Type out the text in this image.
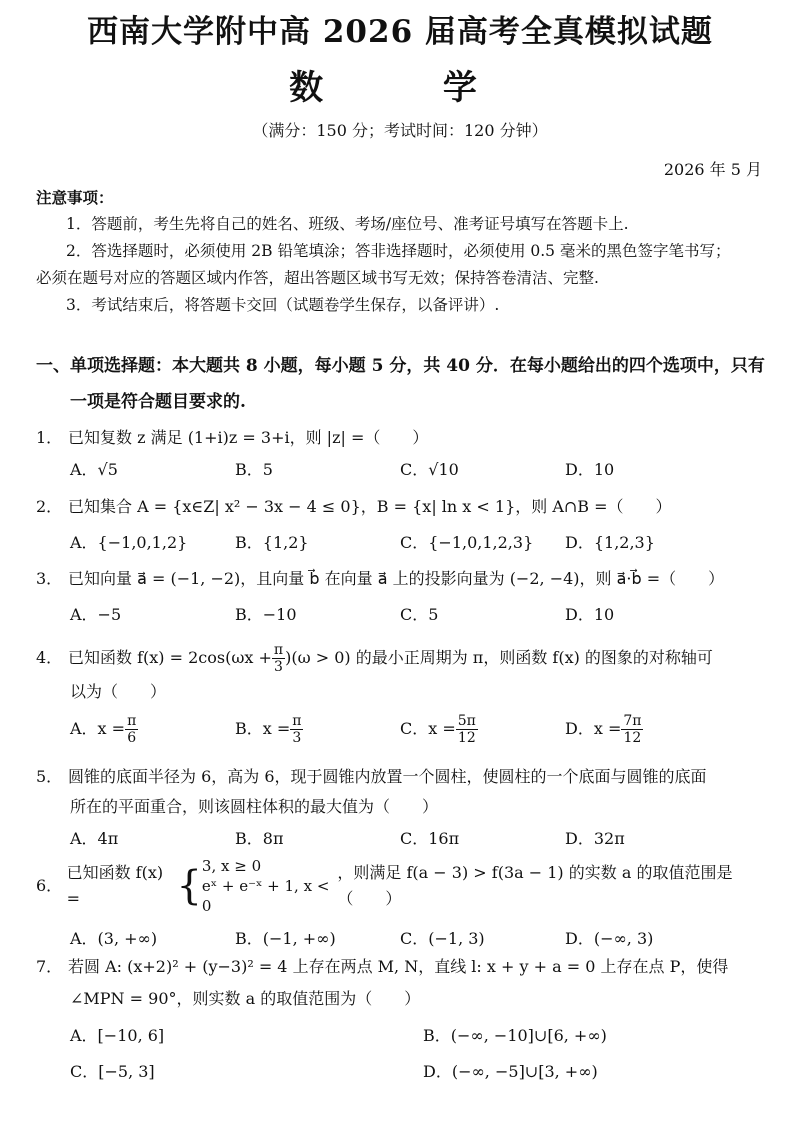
西南大学附中高 2026 届高考全真模拟试题
数 学
（满分：150 分；考试时间：120 分钟）
2026 年 5 月

注意事项：

1．答题前，考生先将自己的姓名、班级、考场/座位号、准考证号填写在答题卡上.

2．答选择题时，必须使用 2B 铅笔填涂；答非选择题时，必须使用 0.5 毫米的黑色签字笔书写；

必须在题号对应的答题区域内作答，超出答题区域书写无效；保持答卷清洁、完整.

3．考试结束后，将答题卡交回（试题卷学生保存，以备评讲）.

一、单项选择题：本大题共 8 小题，每小题 5 分，共 40 分．在每小题给出的四个选项中，只有
一项是符合题目要求的.
1． 已知复数 z 满足 (1+i)z = 3+i，则 |z| =（　　）
A．√5	B．5	C．√10	D．10
2． 已知集合 A = {x∈Z| x² − 3x − 4 ≤ 0}，B = {x| ln x < 1}，则 A∩B =（　　）
A．{−1,0,1,2}	B．{1,2}	C．{−1,0,1,2,3}	D．{1,2,3}
3． 已知向量 a⃗ = (−1, −2)，且向量 b⃗ 在向量 a⃗ 上的投影向量为 (−2, −4)，则 a⃗·b⃗ =（　　）
A．−5	B．−10	C．5	D．10
4． 已知函数 $f(x) = 2\cos(\omega x + \frac{\pi}{3} )(\omega > 0)$ 的最小正周期为 π，则函数 f(x) 的图象的对称轴可
以为（　　）
A．$x = \frac{\pi}{6}$	B．$x = \frac{\pi}{3}$	C．$x = \frac{5\pi}{12}$	D．$x = \frac{7\pi}{12}$
5． 圆锥的底面半径为 6，高为 6，现于圆锥内放置一个圆柱，使圆柱的一个底面与圆锥的底面
所在的平面重合，则该圆柱体积的最大值为（　　）
A．4π	B．8π	C．16π	D．32π
6．
已知函数 f(x) =	{ 3, x ≥ 0
eˣ + e⁻ˣ + 1, x < 0
，则满足 f(a − 3) > f(3a − 1) 的实数 a 的取值范围是（　　）
A．(3, +∞)	B．(−1, +∞)	C．(−1, 3)	D．(−∞, 3)
7． 若圆 A: (x+2)² + (y−3)² = 4 上存在两点 M, N，直线 l: x + y + a = 0 上存在点 P，使得
∠MPN = 90°，则实数 a 的取值范围为（　　）
A．[−10, 6]	B．(−∞, −10]∪[6, +∞)
C．[−5, 3]	D．(−∞, −5]∪[3, +∞)
